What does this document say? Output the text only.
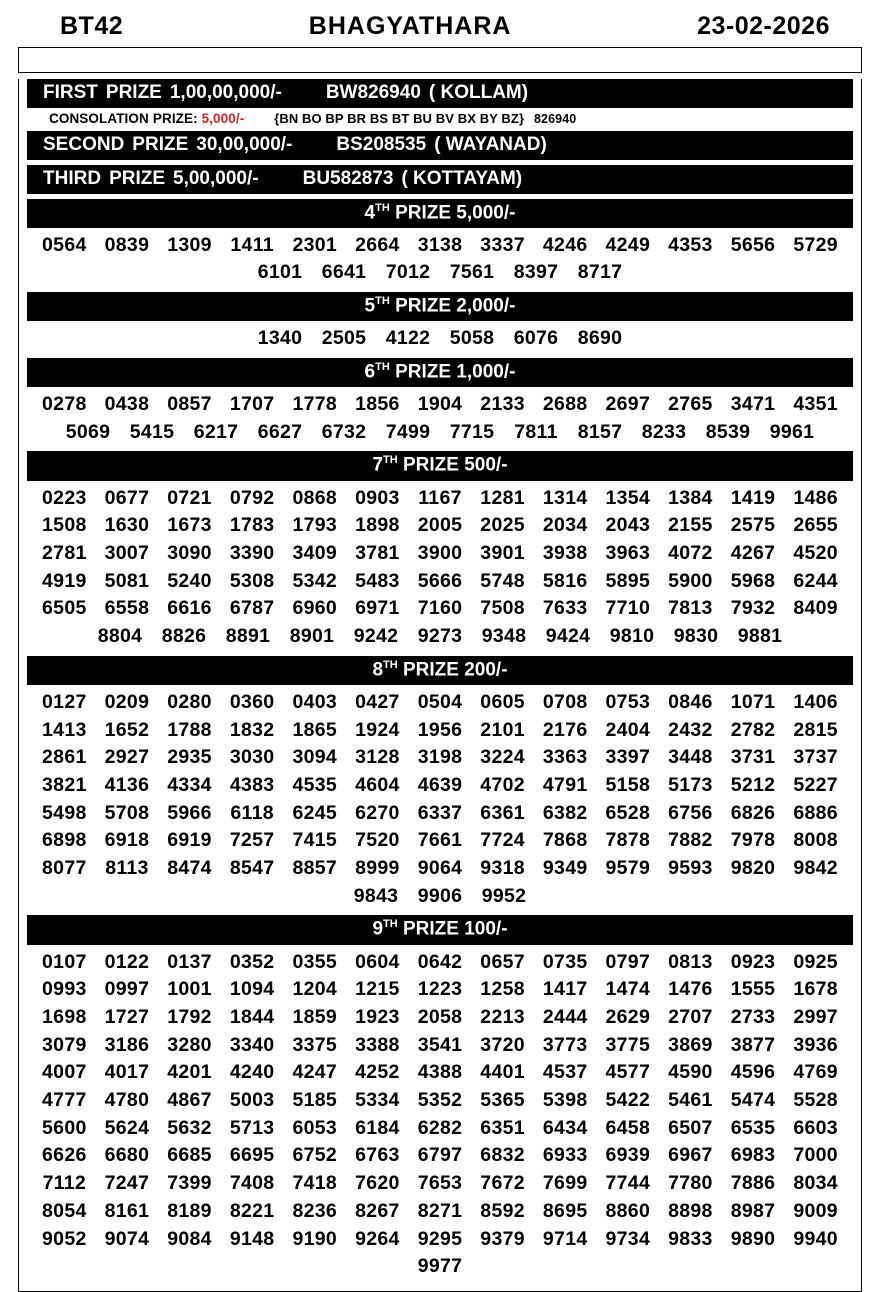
BT42	BHAGYATHARA	23-02-2026
FIRST PRIZE 1,00,00,000/- BW826940 ( KOLLAM)
CONSOLATION PRIZE: 5,000/- {BN BO BP BR BS BT BU BV BX BY BZ} 826940
SECOND PRIZE 30,00,000/- BS208535 ( WAYANAD)
THIRD PRIZE 5,00,000/- BU582873 ( KOTTAYAM)
4TH PRIZE 5,000/-
0564 0839 1309 1411 2301 2664 3138 3337 4246 4249 4353 5656 5729
6101 6641 7012 7561 8397 8717
5TH PRIZE 2,000/-
1340 2505 4122 5058 6076 8690
6TH PRIZE 1,000/-
0278 0438 0857 1707 1778 1856 1904 2133 2688 2697 2765 3471 4351
5069 5415 6217 6627 6732 7499 7715	7811	8157 8233 8539 9961
7TH PRIZE 500/-
0223 0677 0721 0792 0868 0903 1167 1281 1314 1354 1384 1419 1486
1508 1630 1673 1783 1793 1898 2005 2025 2034 2043 2155 2575 2655
2781 3007 3090 3390 3409 3781 3900 3901 3938 3963 4072 4267 4520
4919 5081 5240 5308 5342 5483 5666 5748 5816 5895 5900 5968 6244
6505 6558 6616 6787 6960 6971 7160 7508 7633 7710 7813 7932 8409
8804 8826 8891 8901 9242 9273 9348 9424 9810 9830 9881
8TH PRIZE 200/-
0127 0209 0280 0360 0403 0427 0504 0605 0708 0753 0846 1071 1406
1413 1652 1788 1832 1865 1924 1956 2101 2176 2404 2432 2782 2815
2861 2927 2935 3030 3094 3128 3198 3224 3363 3397 3448 3731 3737
3821 4136 4334 4383 4535 4604 4639 4702 4791 5158 5173 5212 5227
5498 5708 5966 6118 6245 6270 6337 6361 6382 6528 6756 6826 6886
6898 6918 6919 7257 7415 7520 7661 7724 7868 7878 7882 7978 8008
8077 8113 8474 8547 8857 8999 9064 9318 9349 9579 9593 9820 9842
9843 9906 9952
9TH PRIZE 100/-
0107 0122 0137 0352 0355 0604 0642 0657 0735 0797 0813 0923 0925
0993 0997 1001 1094 1204 1215 1223 1258 1417 1474 1476 1555 1678
1698 1727 1792 1844 1859 1923 2058 2213 2444 2629 2707 2733 2997
3079 3186 3280 3340 3375 3388 3541 3720 3773 3775 3869 3877 3936
4007 4017 4201 4240 4247 4252 4388 4401 4537 4577 4590 4596 4769
4777 4780 4867 5003 5185 5334 5352 5365 5398 5422 5461 5474 5528
5600 5624 5632 5713 6053 6184 6282 6351 6434 6458 6507 6535 6603
6626 6680 6685 6695 6752 6763 6797 6832 6933 6939 6967 6983 7000
7112 7247 7399 7408 7418 7620 7653 7672 7699 7744 7780 7886 8034
8054 8161 8189 8221 8236 8267 8271 8592 8695 8860 8898 8987 9009
9052 9074 9084 9148 9190 9264 9295 9379 9714 9734 9833 9890 9940
9977
